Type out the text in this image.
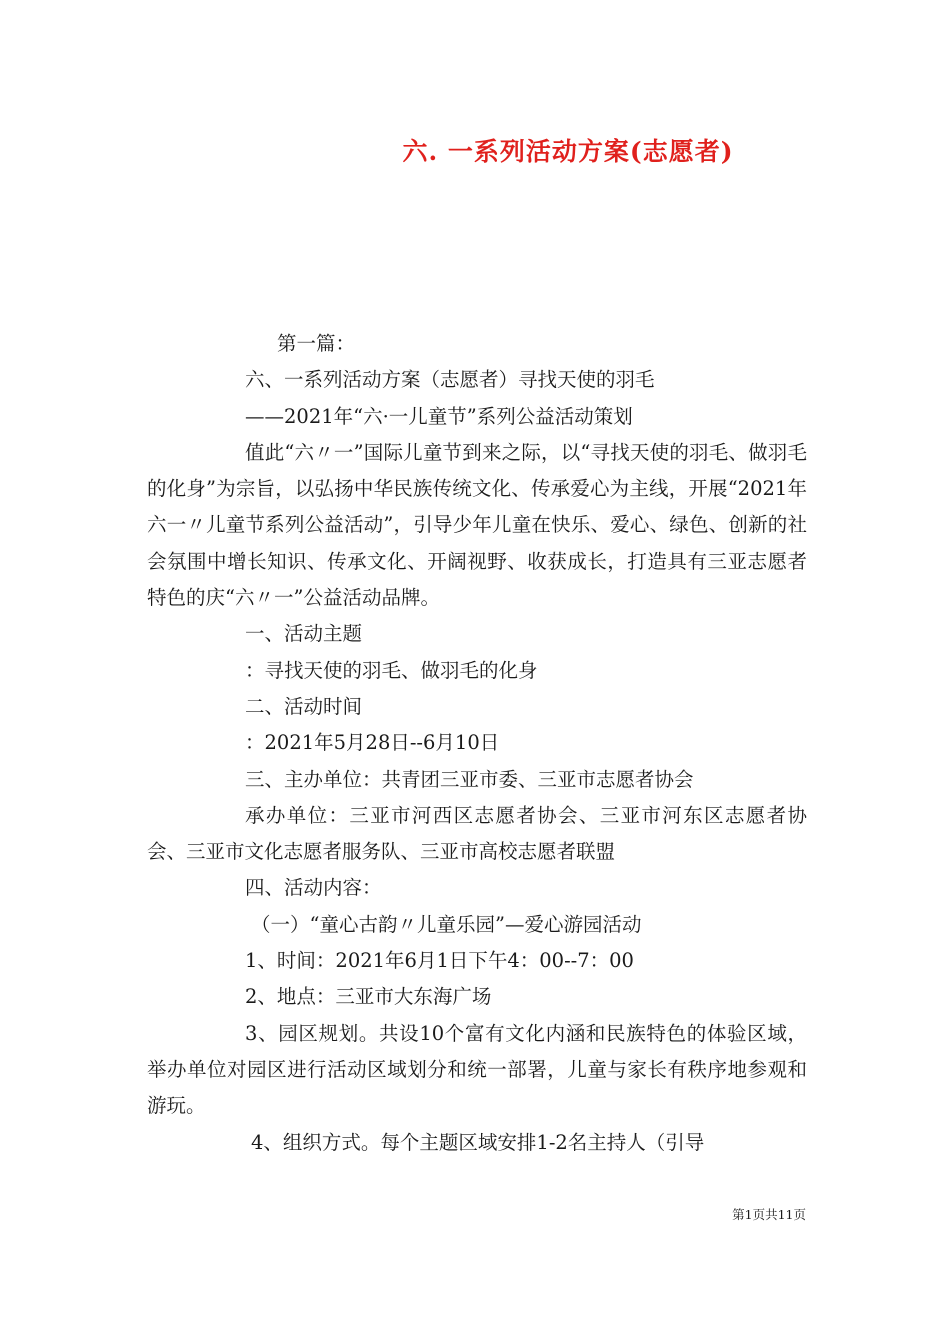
六. 一系列活动方案(志愿者)

第一篇：

六、一系列活动方案（志愿者）寻找天使的羽毛

——2021年“六·一儿童节”系列公益活动策划

值此“六〃一”国际儿童节到来之际，以“寻找天使的羽毛、做羽毛的化身”为宗旨，以弘扬中华民族传统文化、传承爱心为主线，开展“2021年六一〃儿童节系列公益活动”，引导少年儿童在快乐、爱心、绿色、创新的社会氛围中增长知识、传承文化、开阔视野、收获成长，打造具有三亚志愿者特色的庆“六〃一”公益活动品牌。

一、活动主题

：寻找天使的羽毛、做羽毛的化身

二、活动时间

：2021年5月28日--6月10日

三、主办单位：共青团三亚市委、三亚市志愿者协会

承办单位：三亚市河西区志愿者协会、三亚市河东区志愿者协会、三亚市文化志愿者服务队、三亚市高校志愿者联盟

四、活动内容：

（一）“童心古韵〃儿童乐园”—爱心游园活动

1、时间：2021年6月1日下午4：00--7：00

2、地点：三亚市大东海广场

3、园区规划。共设10个富有文化内涵和民族特色的体验区域，举办单位对园区进行活动区域划分和统一部署，儿童与家长有秩序地参观和游玩。

4、组织方式。每个主题区域安排1-2名主持人（引导

第1页共11页
